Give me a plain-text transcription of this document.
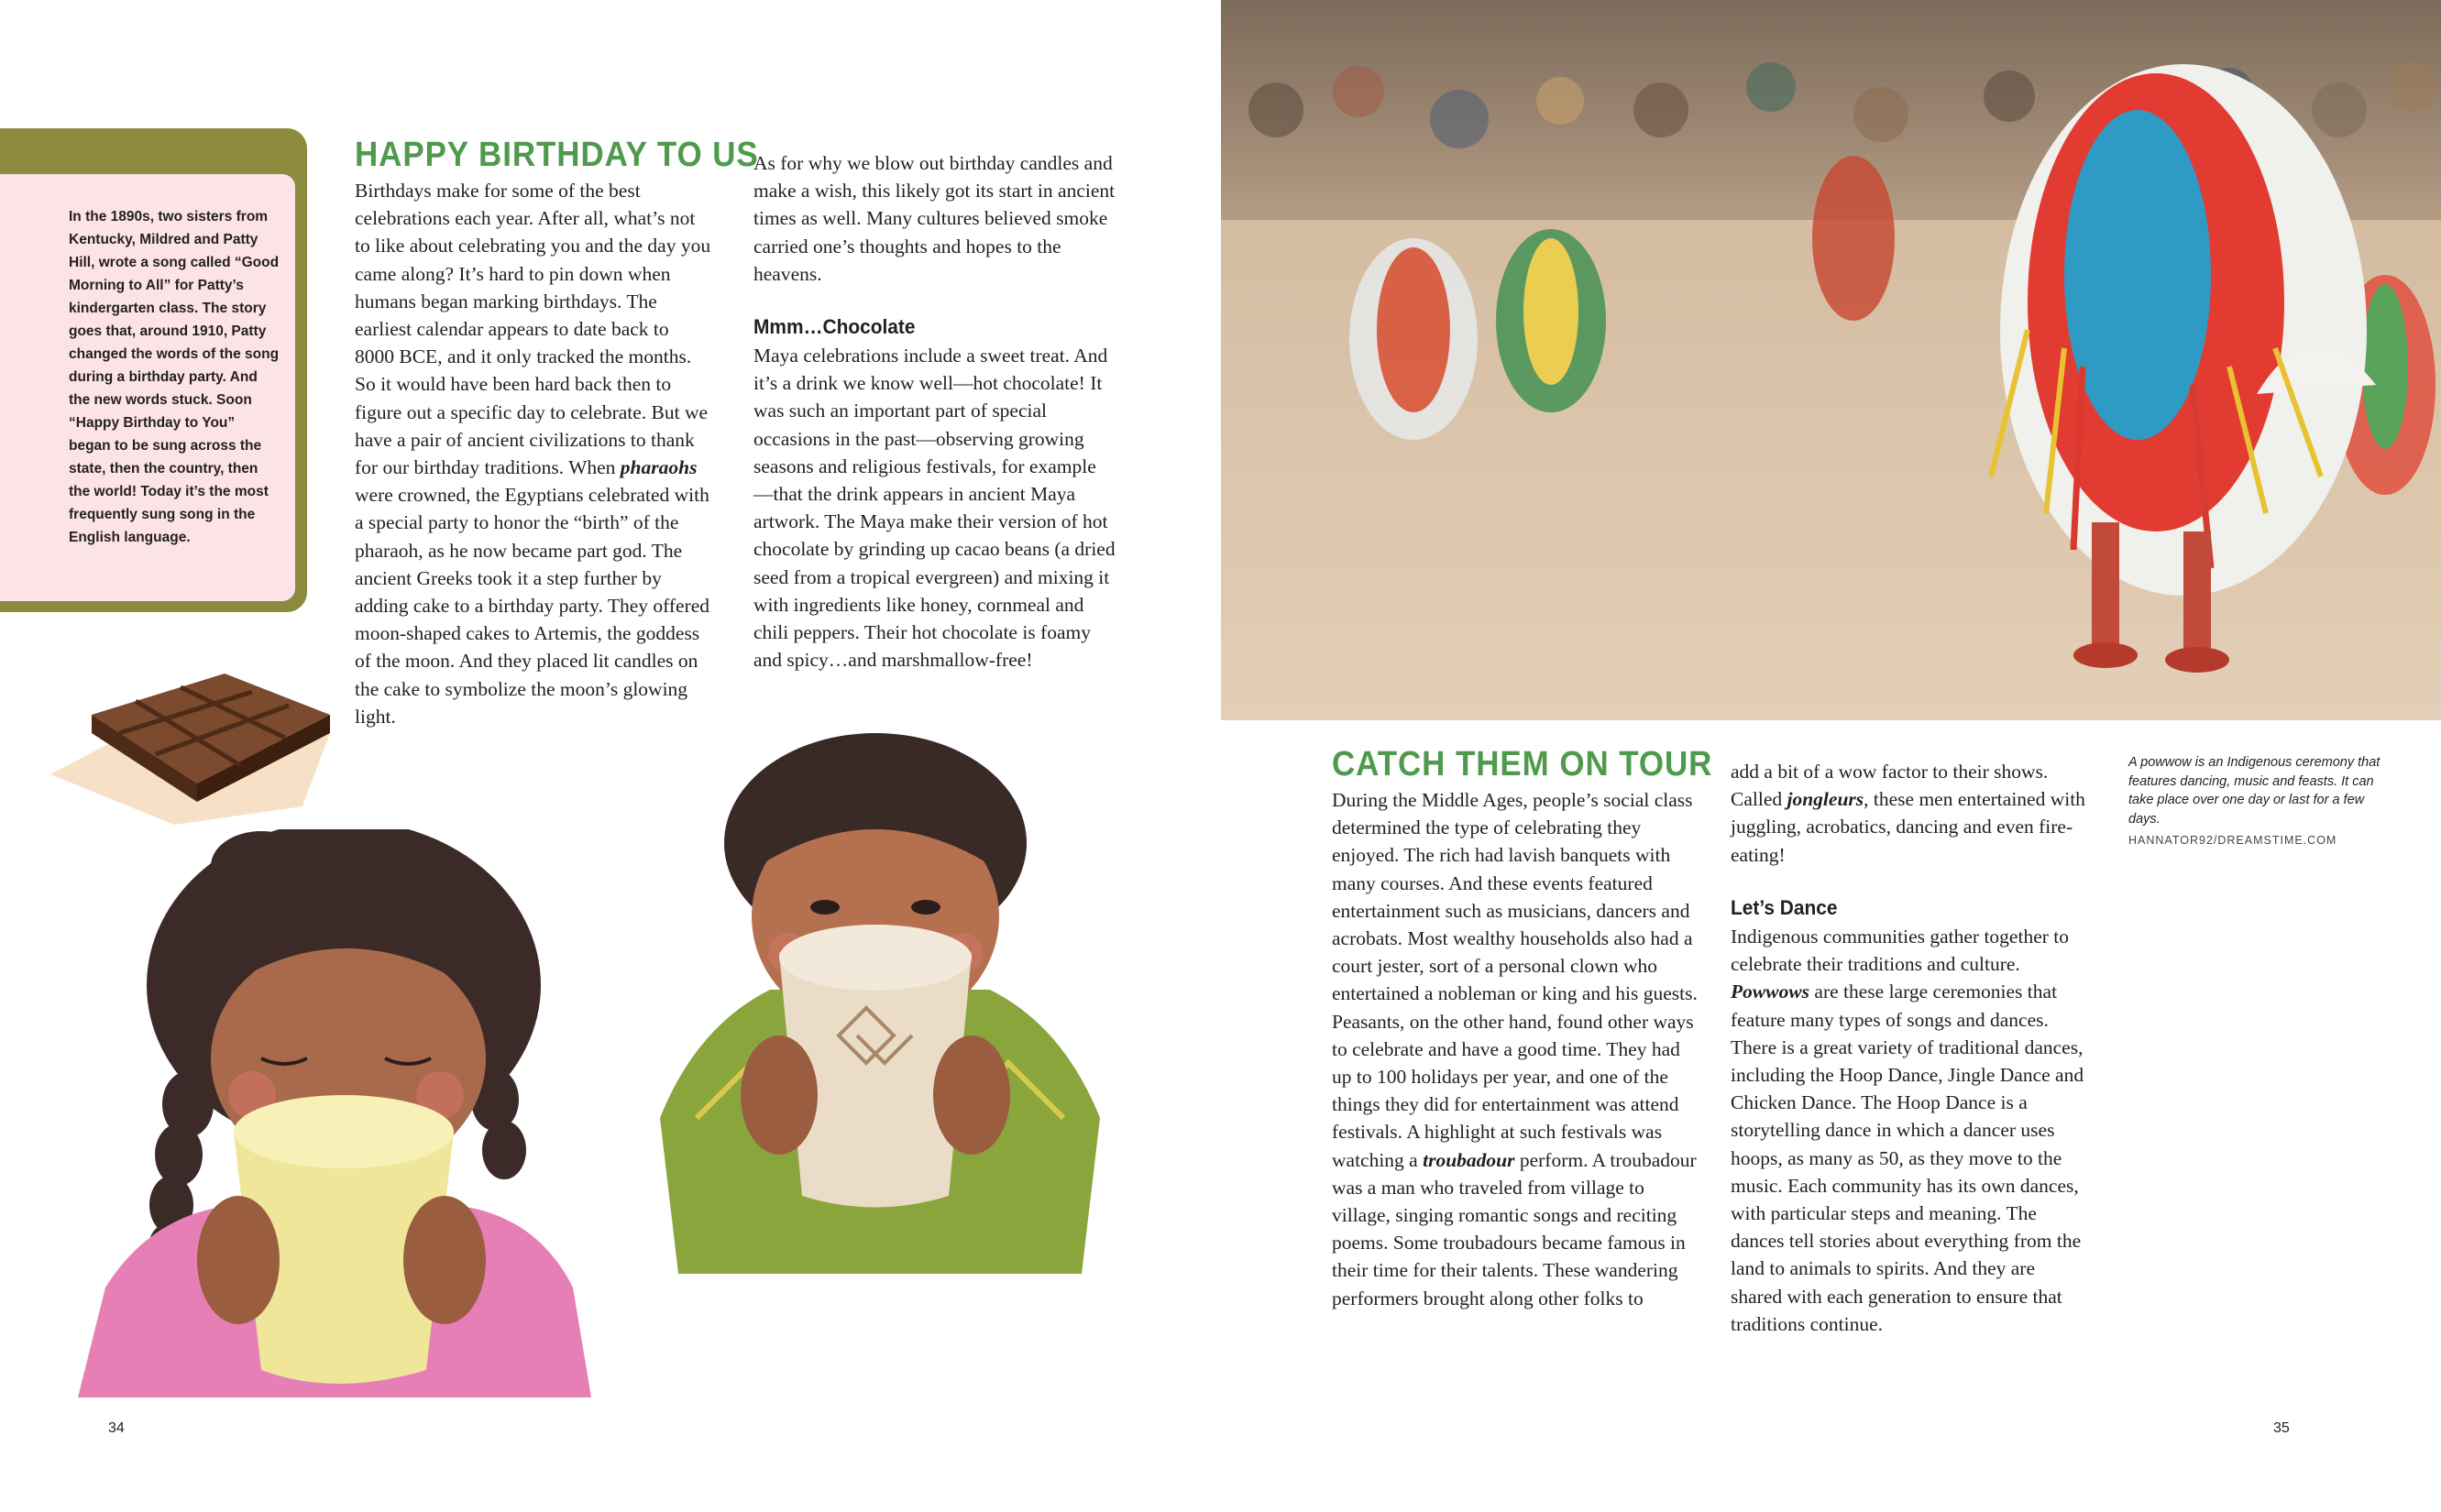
In the 1890s, two sisters from Kentucky, Mildred and Patty Hill, wrote a song called “Good Morning to All” for Patty’s kindergarten class. The story goes that, around 1910, Patty changed the words of the song during a birthday party. And the new words stuck. Soon “Happy Birthday to You” began to be sung across the state, then the country, then the world! Today it’s the most frequently sung song in the English language.
HAPPY BIRTHDAY TO US

Birthdays make for some of the best celebrations each year. After all, what’s not to like about celebrating you and the day you came along? It’s hard to pin down when humans began marking birthdays. The earliest calendar appears to date back to 8000 BCE, and it only tracked the months. So it would have been hard back then to figure out a specific day to celebrate. But we have a pair of ancient civilizations to thank for our birthday traditions. When pharaohs were crowned, the Egyptians celebrated with a special party to honor the “birth” of the pharaoh, as he now became part god. The ancient Greeks took it a step further by adding cake to a birthday party. They offered moon-shaped cakes to Artemis, the goddess of the moon. And they placed lit candles on the cake to symbolize the moon’s glowing light.

As for why we blow out birthday candles and make a wish, this likely got its start in ancient times as well. Many cultures believed smoke carried one’s thoughts and hopes to the heavens.
Mmm…Chocolate
Maya celebrations include a sweet treat. And it’s a drink we know well—hot chocolate! It was such an important part of special occasions in the past—observing growing seasons and religious festivals, for example—that the drink appears in ancient Maya artwork. The Maya make their version of hot chocolate by grinding up cacao beans (a dried seed from a tropical evergreen) and mixing it with ingredients like honey, cornmeal and chili peppers. Their hot chocolate is foamy and spicy…and marshmallow-free!
34
A powwow is an Indigenous ceremony that features dancing, music and feasts. It can take place over one day or last for a few days.
HANNATOR92/DREAMSTIME.COM
CATCH THEM ON TOUR

During the Middle Ages, people’s social class determined the type of celebrating they enjoyed. The rich had lavish banquets with many courses. And these events featured entertainment such as musicians, dancers and acrobats. Most wealthy households also had a court jester, sort of a personal clown who entertained a nobleman or king and his guests. Peasants, on the other hand, found other ways to celebrate and have a good time. They had up to 100 holidays per year, and one of the things they did for entertainment was attend festivals. A highlight at such festivals was watching a troubadour perform. A troubadour was a man who traveled from village to village, singing romantic songs and reciting poems. Some troubadours became famous in their time for their talents. These wandering performers brought along other folks to

add a bit of a wow factor to their shows. Called jongleurs, these men entertained with juggling, acrobatics, dancing and even fire-eating!

Let’s Dance

Indigenous communities gather together to celebrate their traditions and culture. Powwows are these large ceremonies that feature many types of songs and dances. There is a great variety of traditional dances, including the Hoop Dance, Jingle Dance and Chicken Dance. The Hoop Dance is a storytelling dance in which a dancer uses hoops, as many as 50, as they move to the music. Each community has its own dances, with particular steps and meaning. The dances tell stories about everything from the land to animals to spirits. And they are shared with each generation to ensure that traditions continue.

35
